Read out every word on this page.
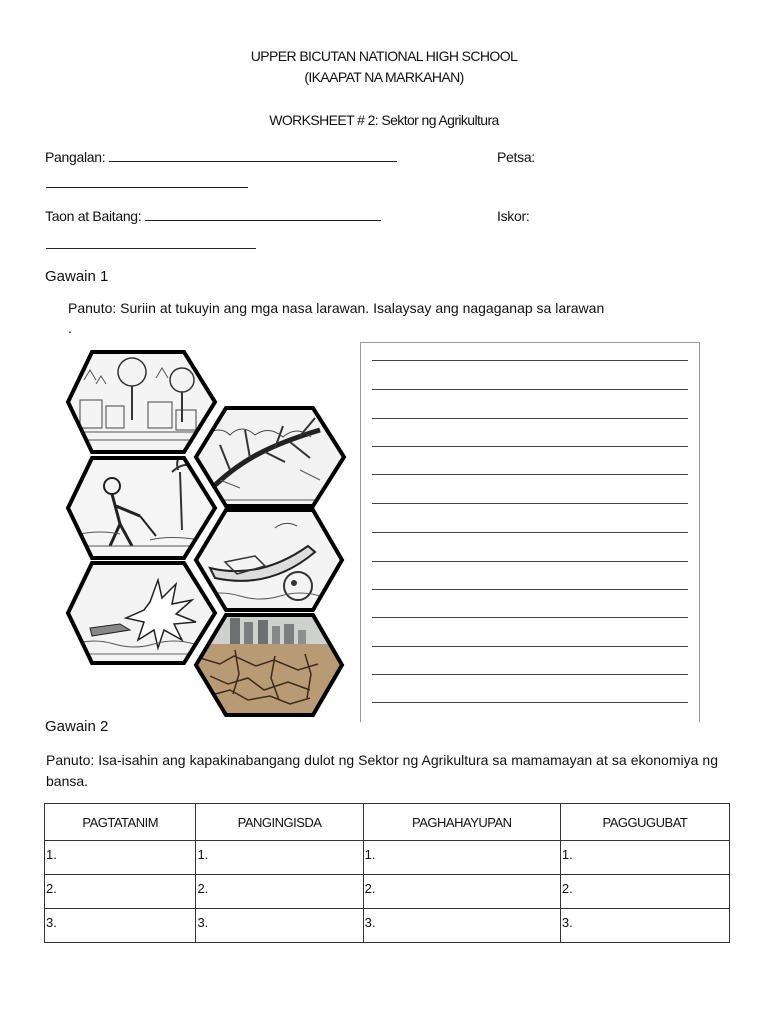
UPPER BICUTAN NATIONAL HIGH SCHOOL
(IKAAPAT NA MARKAHAN)
WORKSHEET # 2: Sektor ng Agrikultura
Pangalan:	Petsa:
Taon at Baitang:	Iskor:
Gawain 1
Panuto: Suriin at tukuyin ang mga nasa larawan. Isalaysay ang nagaganap sa larawan
.
Gawain 2
Panuto: Isa-isahin ang kapakinabangang dulot ng Sektor ng Agrikultura sa mamamayan at sa ekonomiya ng bansa.
PAGTATANIM	PANGINGISDA	PAGHAHAYUPAN	PAGGUGUBAT
1.	1.	1.	1.
2.	2.	2.	2.
3.	3.	3.	3.
